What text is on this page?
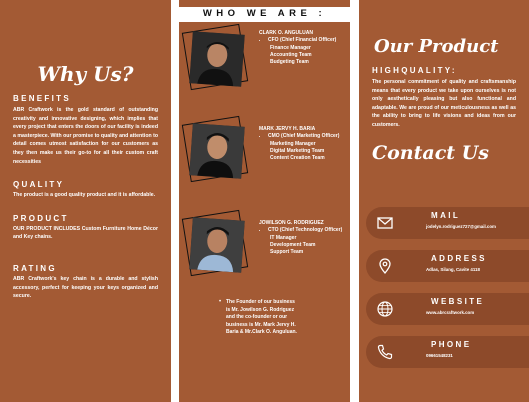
Why Us?

BENEFITS

ABR Craftwork is the gold standard of outstanding creativity and innovative designing, which implies that every project that enters the doors of our facility is indeed a masterpiece. With our promise to quality and attention to detail comes utmost satisfaction for our customers as they then make us their go-to for all their custom craft necessities

QUALITY

The product is a good quality product and it is affordable.

PRODUCT

OUR PRODUCT INCLUDES Custom Furniture Home Décor and Key chains.

RATING

ABR Craftwork's key chain is a durable and stylish accessory, perfect for keeping your keys organized and secure.

WHO WE ARE :

CLARK O. ANGULUAN

• CFO (Chief Financial Officer)

Finance Manager

Accounting Team

Budgeting Team

MARK JERVY H. BARIA

• CMO (Chief Marketing Officer)

Marketing Manager

Digital Marketing Team

Content Creation Team

JOWILSON G. RODRIGUEZ

• CTO (Chief Technology Officer)

IT Manager

Development Team

Support Team

• The Founder of our business
is Mr. Jowilson G. Rodriguez
and the co-founder or our
business is Mr. Mark Jervy H.
Baria & Mr.Clark O. Anguluan.
Our Product

HIGHQUALITY:

The personal commitment of quality and craftsmanship means that every product we take upon ourselves is not only aesthetically pleasing but also functional and adaptable. We are proud of our meticulousness as well as the ability to bring to life visions and ideas from our customers.

Contact Us
MAIL
jodelyn.rodriguez727@gmail.com
ADDRESS
Adlas, Silang, Cavite 4118
WEBSITE
www.abrcraftwork.com
PHONE
09661548231
